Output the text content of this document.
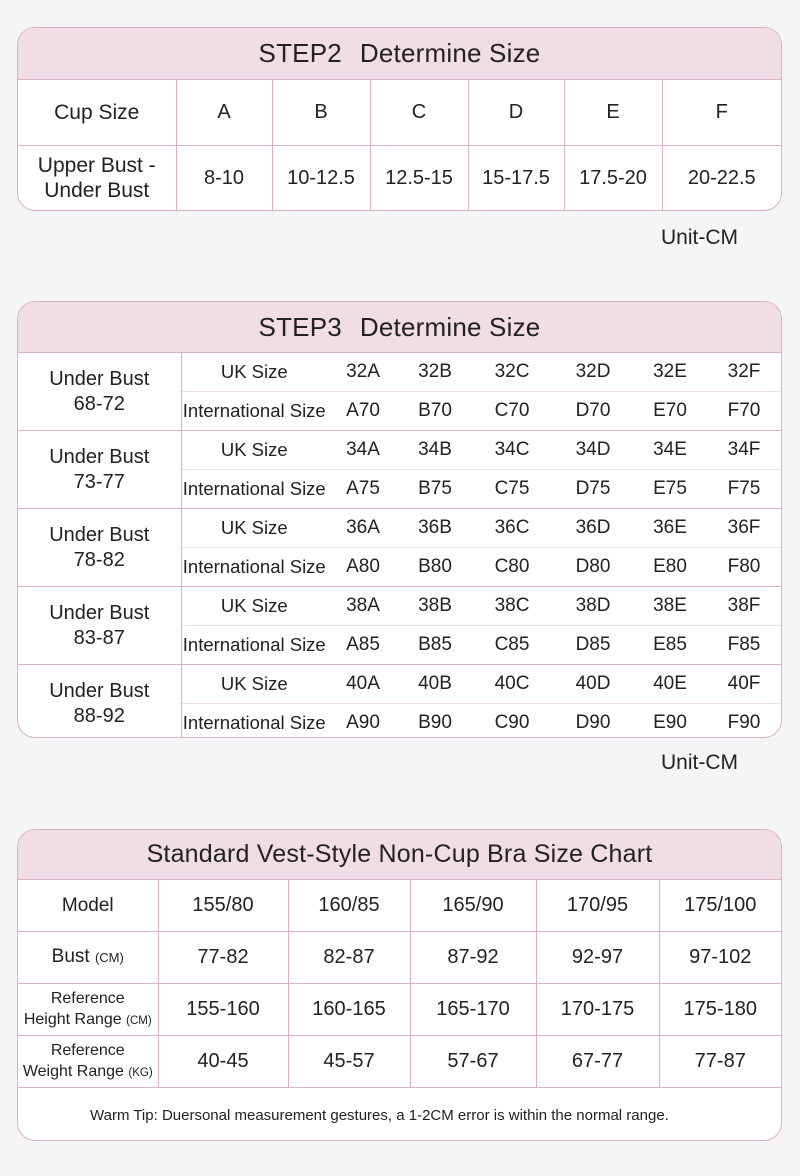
STEP2 Determine Size
Cup Size	A	B	C	D	E	F

Upper Bust -
Under Bust	8-10	10-12.5	12.5-15	15-17.5	17.5-20	20-22.5
Unit-CM
STEP3 Determine Size
Under Bust
68-72	UK Size	32A	32B	32C	32D	32E	32F
	International Size	A70	B70	C70	D70	E70	F70

Under Bust
73-77	UK Size	34A	34B	34C	34D	34E	34F
	International Size	A75	B75	C75	D75	E75	F75

Under Bust
78-82	UK Size	36A	36B	36C	36D	36E	36F
	International Size	A80	B80	C80	D80	E80	F80

Under Bust
83-87	UK Size	38A	38B	38C	38D	38E	38F
	International Size	A85	B85	C85	D85	E85	F85

Under Bust
88-92	UK Size	40A	40B	40C	40D	40E	40F
	International Size	A90	B90	C90	D90	E90	F90
Unit-CM
Standard Vest-Style Non-Cup Bra Size Chart
Model	155/80	160/85	165/90	170/95	175/100
Bust (CM)	77-82	82-87	87-92	92-97	97-102

Reference
Height Range (CM)	155-160	160-165	165-170	170-175	175-180

Reference
Weight Range (KG)	40-45	45-57	57-67	67-77	77-87
Warm Tip: Duersonal measurement gestures, a 1-2CM error is within the normal range.
